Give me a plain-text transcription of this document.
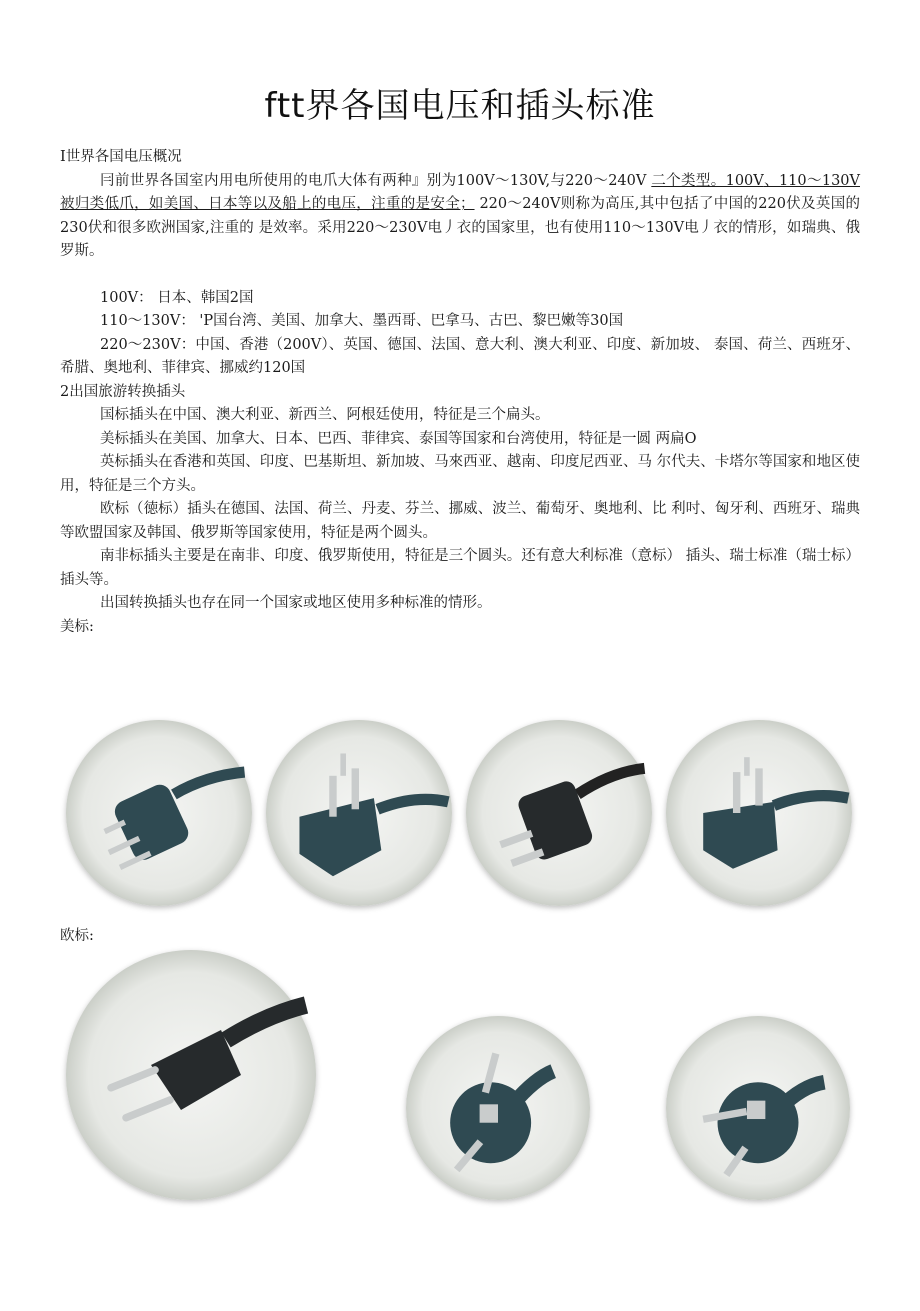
ftt界各国电压和插头标准

I世界各国电压概况

冃前世界各国室内用电所使用的电爪大体有两种』别为100V～130V,与220～240V 二个类型。100V、110～130V被归类低爪，如美国、日本等以及船上的电压，注重的是安全； 220～240V则称为高压,其中包括了中国的220伏及英国的230伏和很多欧洲国家,注重的 是效率。采用220～230V电丿衣的国家里，也有使用110～130V电丿衣的情形，如瑞典、俄罗斯。

100V： 日本、韩国2国

110～130V： 'P国台湾、美国、加拿大、墨西哥、巴拿马、古巴、黎巴嫩等30国

220～230V：中国、香港（200V）、英国、德国、法国、意大利、澳大利亚、印度、新加坡、 泰国、荷兰、西班牙、希腊、奥地利、菲律宾、挪威约120国

2出国旅游转换插头

国标插头在中国、澳大利亚、新西兰、阿根廷使用，特征是三个扁头。

美标插头在美国、加拿大、日本、巴西、菲律宾、泰国等国家和台湾使用，特征是一圆 两扁O

英标插头在香港和英国、印度、巴基斯坦、新加坡、马來西亚、越南、印度尼西亚、马 尔代夫、卡塔尔等国家和地区使用，特征是三个方头。

欧标（徳标）插头在德国、法国、荷兰、丹麦、芬兰、挪威、波兰、葡萄牙、奥地利、比 利吋、匈牙利、西班牙、瑞典等欧盟国家及韩国、俄罗斯等国家使用，特征是两个圆头。

南非标插头主要是在南非、印度、俄罗斯使用，特征是三个圆头。还有意大利标准（意标） 插头、瑞士标准（瑞士标）插头等。

出国转换插头也存在同一个国家或地区使用多种标准的情形。

美标:

欧标:
